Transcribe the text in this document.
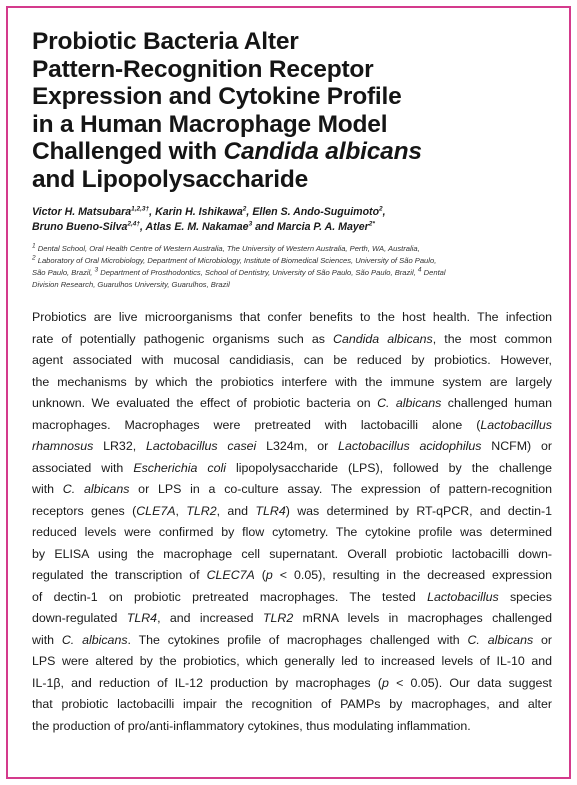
Probiotic Bacteria Alter
Pattern-Recognition Receptor
Expression and Cytokine Profile
in a Human Macrophage Model
Challenged with Candida albicans
and Lipopolysaccharide
Victor H. Matsubara$^{1,2,3\dagger}$, Karin H. Ishikawa$^2$, Ellen S. Ando-Suguimoto$^2$,
Bruno Bueno-Silva$^{2,4\dagger}$, Atlas E. M. Nakamae$^3$ and Marcia P. A. Mayer$^{2*}$
$^1$ Dental School, Oral Health Centre of Western Australia, The University of Western Australia, Perth, WA, Australia,
$^2$ Laboratory of Oral Microbiology, Department of Microbiology, Institute of Biomedical Sciences, University of São Paulo,
São Paulo, Brazil, $^3$ Department of Prosthodontics, School of Dentistry, University of São Paulo, São Paulo, Brazil, $^4$ Dental
Division Research, Guarulhos University, Guarulhos, Brazil
Probiotics are live microorganisms that confer benefits to the host health. The infection
rate of potentially pathogenic organisms such as Candida albicans, the most common
agent associated with mucosal candidiasis, can be reduced by probiotics. However,
the mechanisms by which the probiotics interfere with the immune system are largely
unknown. We evaluated the effect of probiotic bacteria on C. albicans challenged human
macrophages. Macrophages were pretreated with lactobacilli alone (Lactobacillus
rhamnosus LR32, Lactobacillus casei L324m, or Lactobacillus acidophilus NCFM) or
associated with Escherichia coli lipopolysaccharide (LPS), followed by the challenge
with C. albicans or LPS in a co-culture assay. The expression of pattern-recognition
receptors genes (CLE7A, TLR2, and TLR4) was determined by RT-qPCR, and dectin-1
reduced levels were confirmed by flow cytometry. The cytokine profile was determined
by ELISA using the macrophage cell supernatant. Overall probiotic lactobacilli down-
regulated the transcription of CLEC7A (p < 0.05), resulting in the decreased expression
of dectin-1 on probiotic pretreated macrophages. The tested Lactobacillus species
down-regulated TLR4, and increased TLR2 mRNA levels in macrophages challenged
with C. albicans. The cytokines profile of macrophages challenged with C. albicans or
LPS were altered by the probiotics, which generally led to increased levels of IL-10 and
IL-1β, and reduction of IL-12 production by macrophages (p < 0.05). Our data suggest
that probiotic lactobacilli impair the recognition of PAMPs by macrophages, and alter
the production of pro/anti-inflammatory cytokines, thus modulating inflammation.
